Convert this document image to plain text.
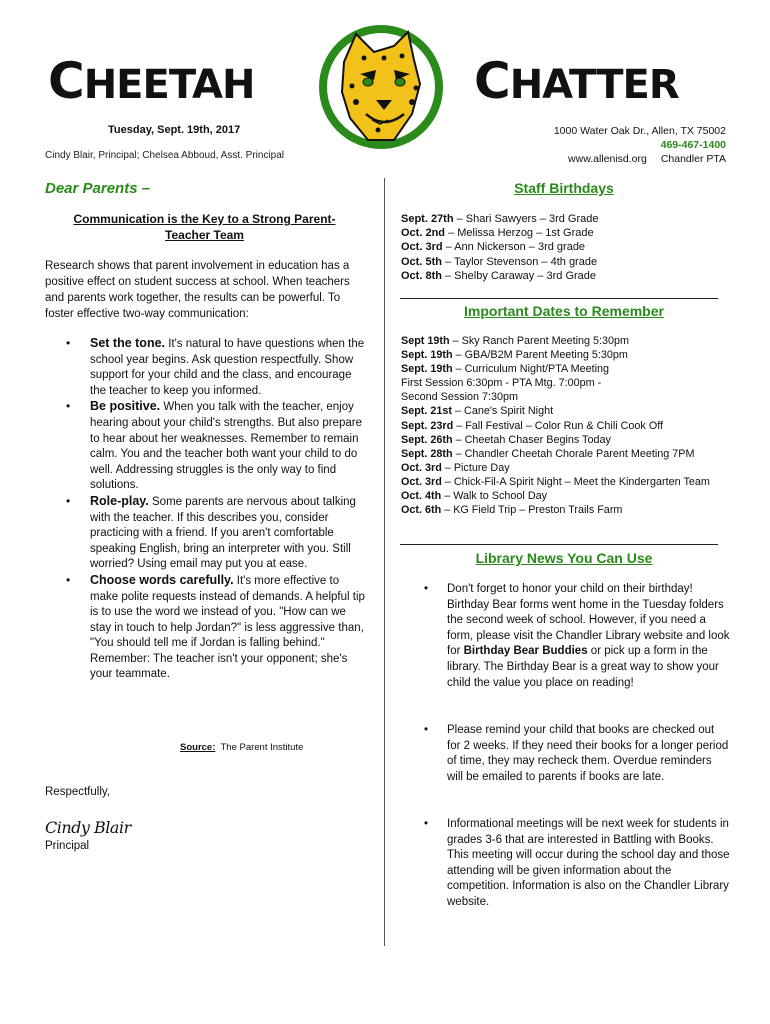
CHEETAH	CHATTER
Tuesday, Sept. 19th, 2017
Cindy Blair, Principal; Chelsea Abboud, Asst. Principal
1000 Water Oak Dr., Allen, TX 75002
469-467-1400
www.allenisd.org Chandler PTA
Dear Parents –
Communication is the Key to a Strong Parent-Teacher Team
Research shows that parent involvement in education has a positive effect on student success at school. When teachers and parents work together, the results can be powerful. To foster effective two-way communication:
• Set the tone. It's natural to have questions when the school year begins. Ask question respectfully. Show support for your child and the class, and encourage the teacher to keep you informed.
• Be positive. When you talk with the teacher, enjoy hearing about your child's strengths. But also prepare to hear about her weaknesses. Remember to remain calm. You and the teacher both want your child to do well. Addressing struggles is the only way to find solutions.
• Role-play. Some parents are nervous about talking with the teacher. If this describes you, consider practicing with a friend. If you aren't comfortable speaking English, bring an interpreter with you. Still worried? Using email may put you at ease.
• Choose words carefully. It's more effective to make polite requests instead of demands. A helpful tip is to use the word we instead of you. "How can we stay in touch to help Jordan?" is less aggressive than, "You should tell me if Jordan is falling behind." Remember: The teacher isn't your opponent; she's your teammate.
Source: The Parent Institute
Respectfully,
Cindy Blair
Principal
Staff Birthdays
Sept. 27th – Shari Sawyers – 3rd Grade
Oct. 2nd – Melissa Herzog – 1st Grade
Oct. 3rd – Ann Nickerson – 3rd grade
Oct. 5th – Taylor Stevenson – 4th grade
Oct. 8th – Shelby Caraway – 3rd Grade
Important Dates to Remember
Sept 19th – Sky Ranch Parent Meeting 5:30pm
Sept. 19th – GBA/B2M Parent Meeting 5:30pm
Sept. 19th – Curriculum Night/PTA Meeting
First Session 6:30pm - PTA Mtg. 7:00pm -
Second Session 7:30pm
Sept. 21st – Cane's Spirit Night
Sept. 23rd – Fall Festival – Color Run & Chili Cook Off
Sept. 26th – Cheetah Chaser Begins Today
Sept. 28th – Chandler Cheetah Chorale Parent Meeting 7PM
Oct. 3rd – Picture Day
Oct. 3rd – Chick-Fil-A Spirit Night – Meet the Kindergarten Team
Oct. 4th – Walk to School Day
Oct. 6th – KG Field Trip – Preston Trails Farm
Library News You Can Use
• Don't forget to honor your child on their birthday! Birthday Bear forms went home in the Tuesday folders the second week of school. However, if you need a form, please visit the Chandler Library website and look for Birthday Bear Buddies or pick up a form in the library. The Birthday Bear is a great way to show your child the value you place on reading!
• Please remind your child that books are checked out for 2 weeks. If they need their books for a longer period of time, they may recheck them. Overdue reminders will be emailed to parents if books are late.
• Informational meetings will be next week for students in grades 3-6 that are interested in Battling with Books. This meeting will occur during the school day and those attending will be given information about the competition. Information is also on the Chandler Library website.
